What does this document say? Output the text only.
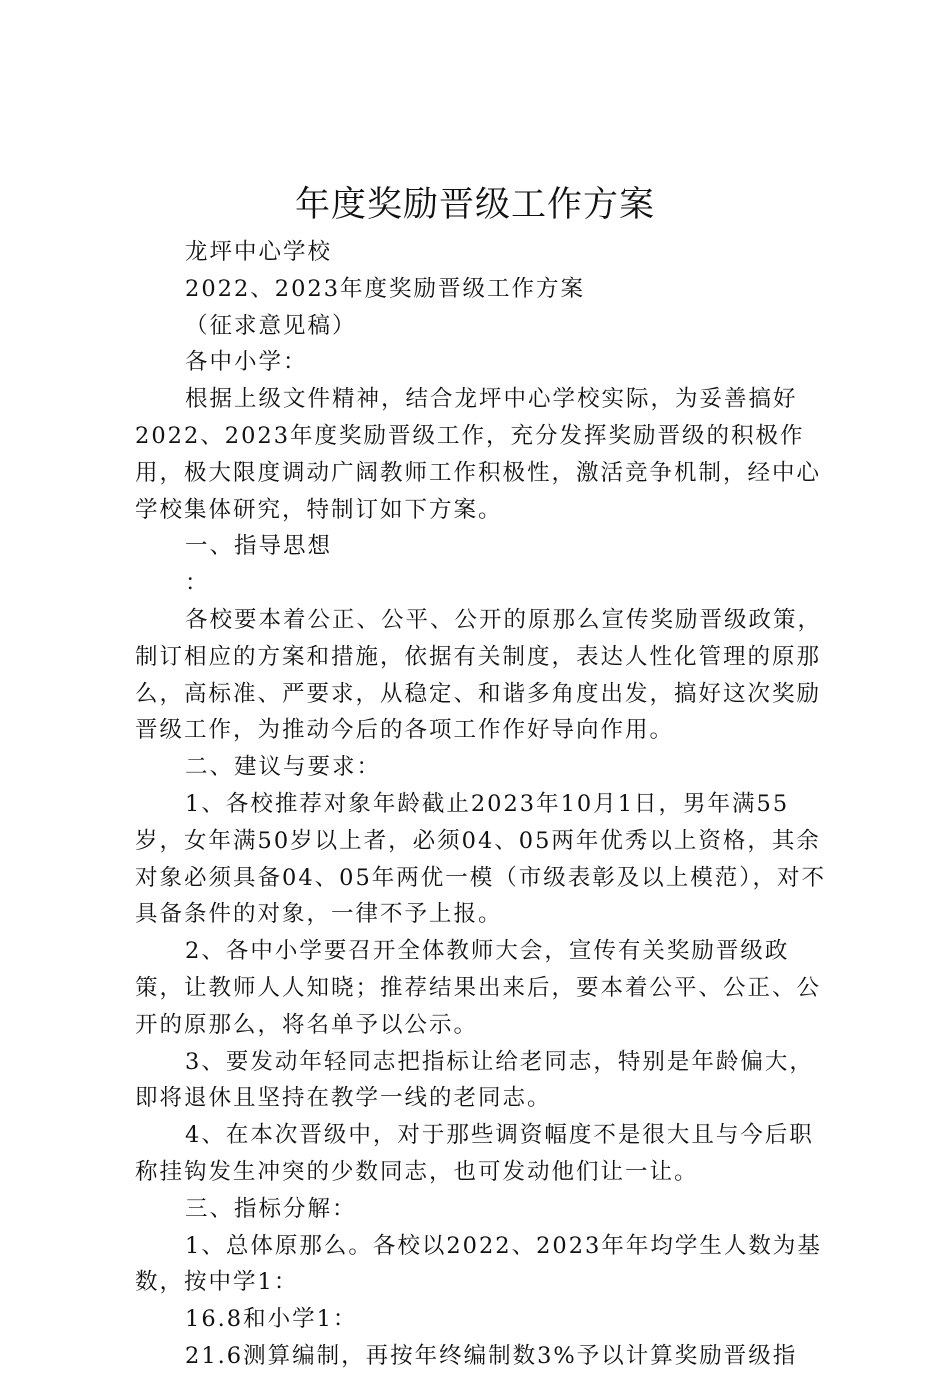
年度奖励晋级工作方案

龙坪中心学校

2022、2023年度奖励晋级工作方案

（征求意见稿）

各中小学：

根据上级文件精神，结合龙坪中心学校实际，为妥善搞好2022、2023年度奖励晋级工作，充分发挥奖励晋级的积极作用，极大限度调动广阔教师工作积极性，激活竞争机制，经中心学校集体研究，特制订如下方案。

一、指导思想

：

各校要本着公正、公平、公开的原那么宣传奖励晋级政策，制订相应的方案和措施，依据有关制度，表达人性化管理的原那么，高标准、严要求，从稳定、和谐多角度出发，搞好这次奖励晋级工作，为推动今后的各项工作作好导向作用。

二、建议与要求：

1、各校推荐对象年龄截止2023年10月1日，男年满55岁，女年满50岁以上者，必须04、05两年优秀以上资格，其余对象必须具备04、05年两优一模（市级表彰及以上模范），对不具备条件的对象，一律不予上报。

2、各中小学要召开全体教师大会，宣传有关奖励晋级政策，让教师人人知晓；推荐结果出来后，要本着公平、公正、公开的原那么，将名单予以公示。

3、要发动年轻同志把指标让给老同志，特别是年龄偏大，即将退休且坚持在教学一线的老同志。

4、在本次晋级中，对于那些调资幅度不是很大且与今后职称挂钩发生冲突的少数同志，也可发动他们让一让。

三、指标分解：

1、总体原那么。各校以2022、2023年年均学生人数为基数，按中学1：

16.8和小学1：

21.6测算编制，再按年终编制数3%予以计算奖励晋级指
